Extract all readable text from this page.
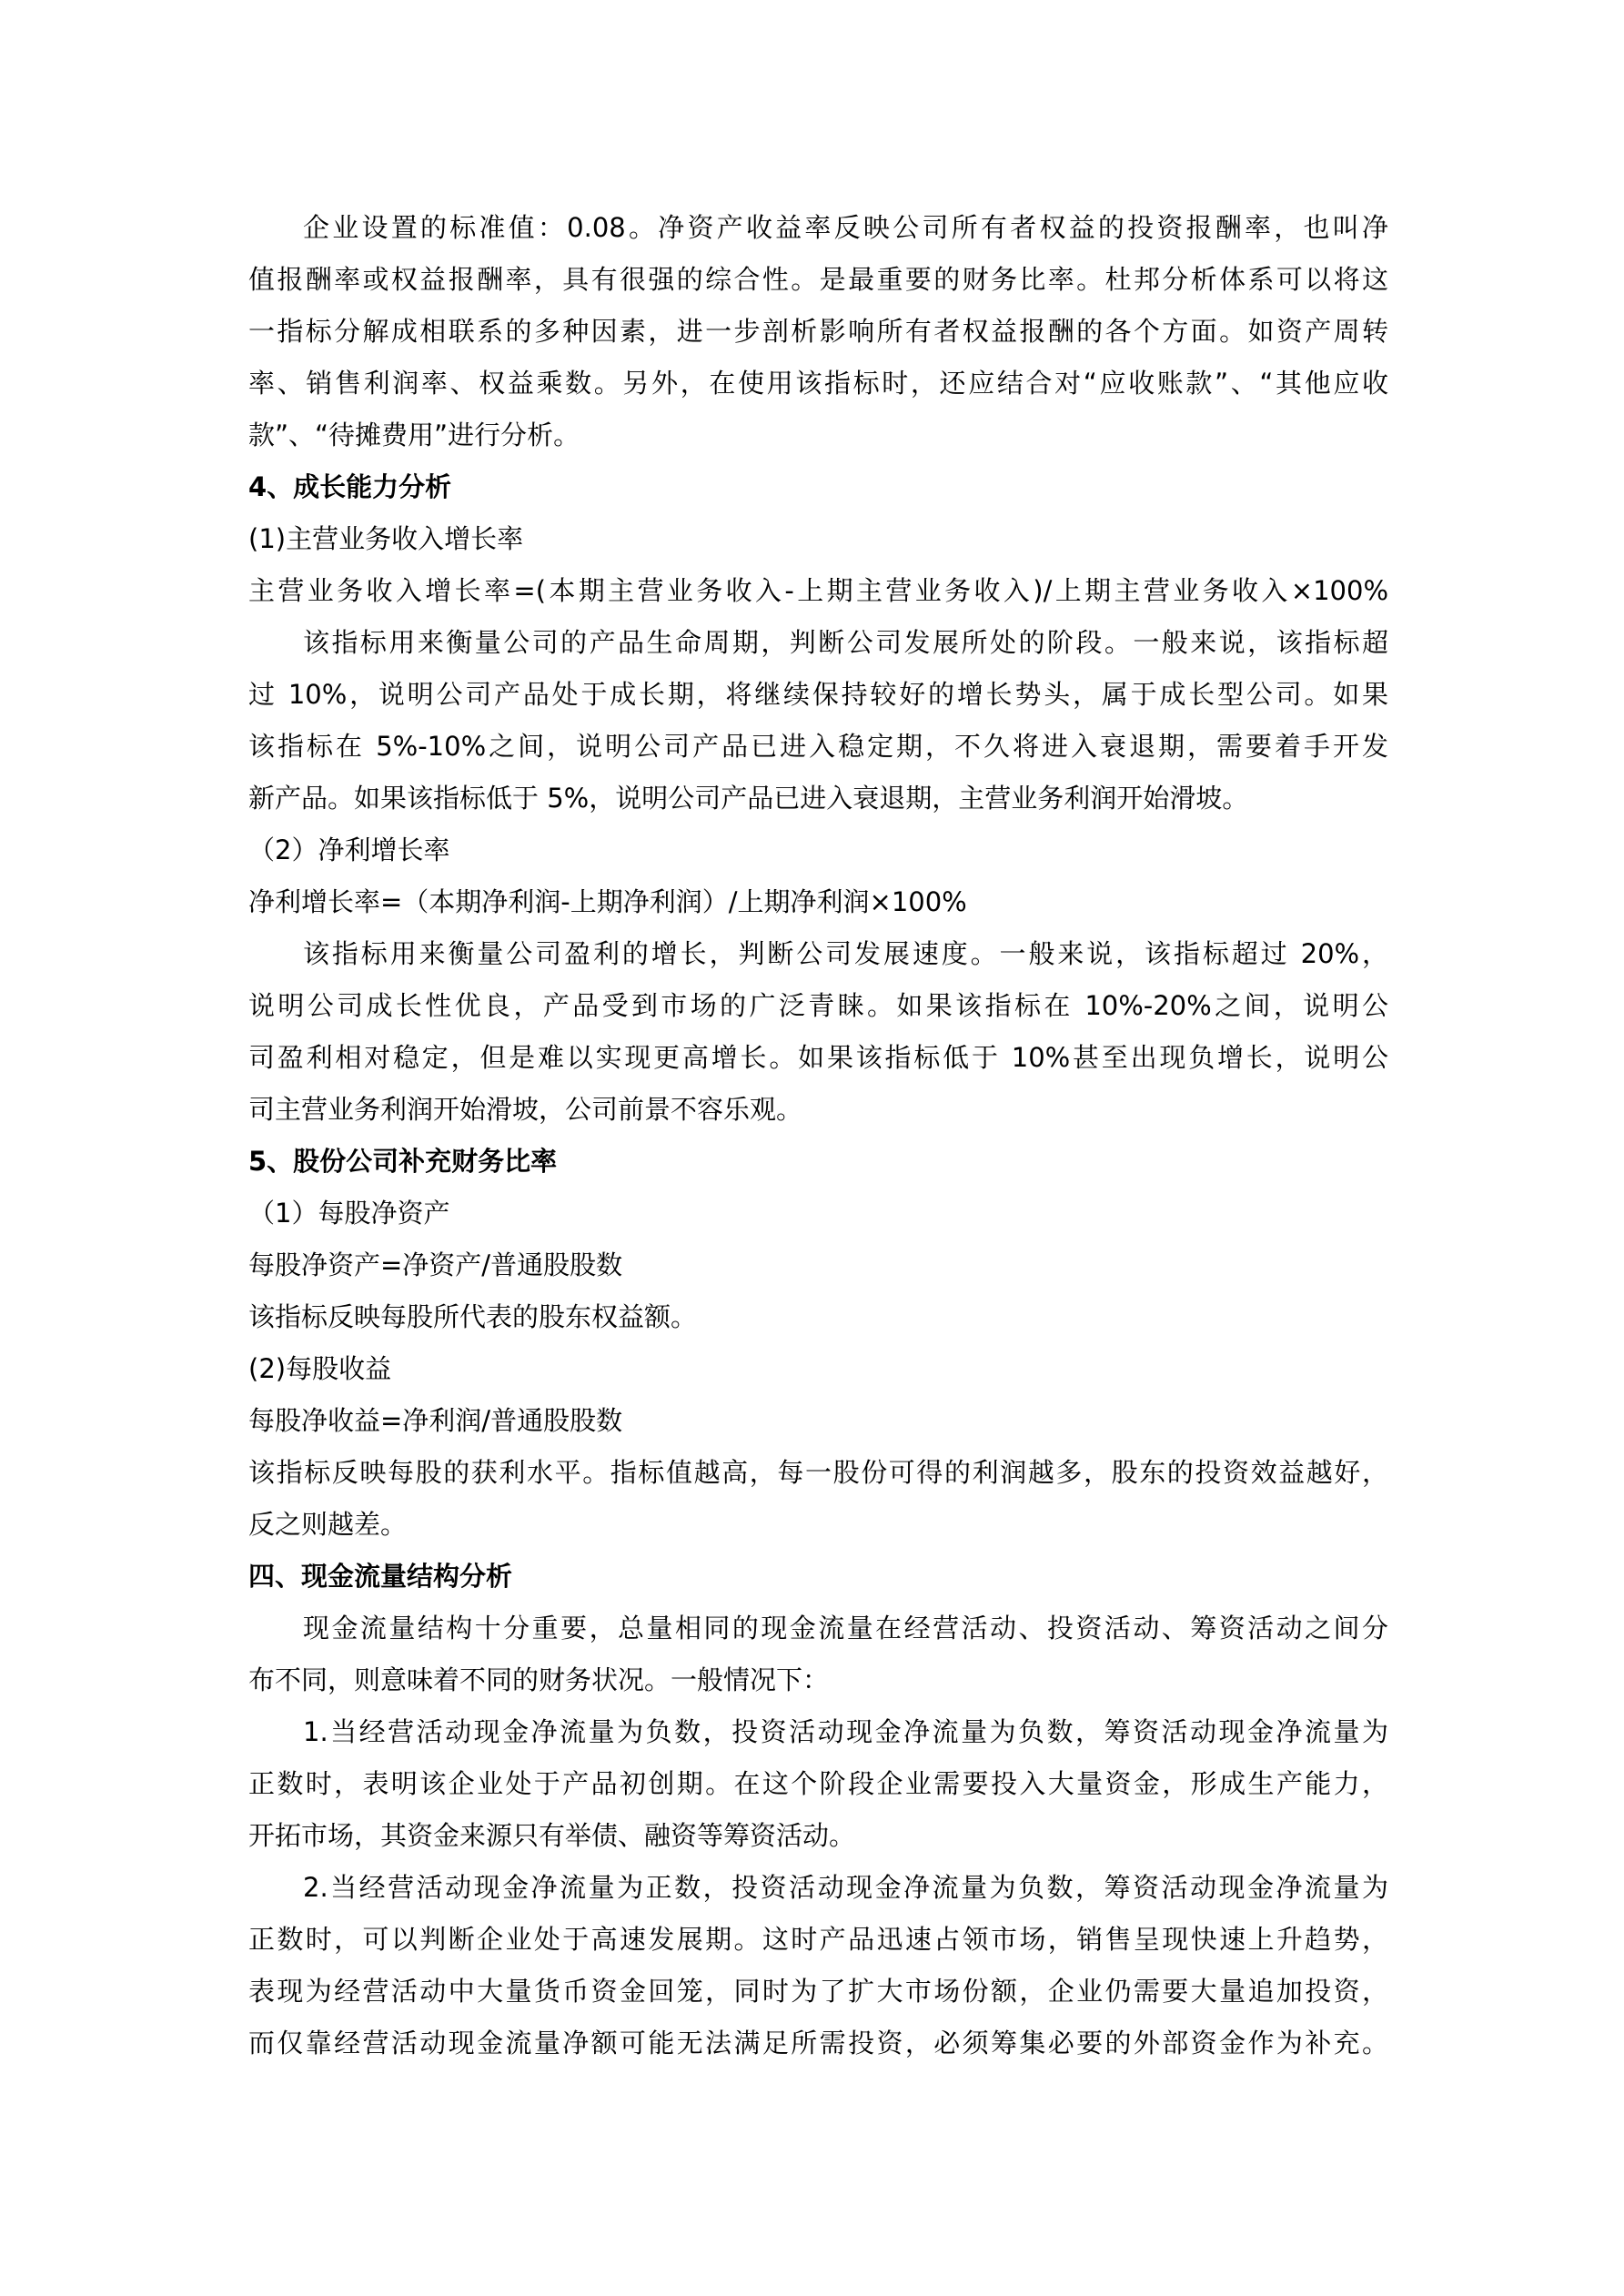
企业设置的标准值：0.08。净资产收益率反映公司所有者权益的投资报酬率，也叫净
值报酬率或权益报酬率，具有很强的综合性。是最重要的财务比率。杜邦分析体系可以将这
一指标分解成相联系的多种因素，进一步剖析影响所有者权益报酬的各个方面。如资产周转
率、销售利润率、权益乘数。另外，在使用该指标时，还应结合对“应收账款”、“其他应收
款”、“待摊费用”进行分析。
4、成长能力分析
(1)主营业务收入增长率
主营业务收入增长率=(本期主营业务收入-上期主营业务收入)/上期主营业务收入×100%
该指标用来衡量公司的产品生命周期，判断公司发展所处的阶段。一般来说，该指标超
过 10%，说明公司产品处于成长期，将继续保持较好的增长势头，属于成长型公司。如果
该指标在 5%-10%之间，说明公司产品已进入稳定期，不久将进入衰退期，需要着手开发
新产品。如果该指标低于 5%，说明公司产品已进入衰退期，主营业务利润开始滑坡。
（2）净利增长率
净利增长率=（本期净利润-上期净利润）/上期净利润×100%
该指标用来衡量公司盈利的增长，判断公司发展速度。一般来说，该指标超过 20%，
说明公司成长性优良，产品受到市场的广泛青睐。如果该指标在 10%-20%之间，说明公
司盈利相对稳定，但是难以实现更高增长。如果该指标低于 10%甚至出现负增长，说明公
司主营业务利润开始滑坡，公司前景不容乐观。
5、股份公司补充财务比率
（1）每股净资产
每股净资产=净资产/普通股股数
该指标反映每股所代表的股东权益额。
(2)每股收益
每股净收益=净利润/普通股股数
该指标反映每股的获利水平。指标值越高，每一股份可得的利润越多，股东的投资效益越好，
反之则越差。
四、现金流量结构分析
现金流量结构十分重要，总量相同的现金流量在经营活动、投资活动、筹资活动之间分
布不同，则意味着不同的财务状况。一般情况下：
1.当经营活动现金净流量为负数，投资活动现金净流量为负数，筹资活动现金净流量为
正数时，表明该企业处于产品初创期。在这个阶段企业需要投入大量资金，形成生产能力，
开拓市场，其资金来源只有举债、融资等筹资活动。
2.当经营活动现金净流量为正数，投资活动现金净流量为负数，筹资活动现金净流量为
正数时，可以判断企业处于高速发展期。这时产品迅速占领市场，销售呈现快速上升趋势，
表现为经营活动中大量货币资金回笼，同时为了扩大市场份额，企业仍需要大量追加投资，
而仅靠经营活动现金流量净额可能无法满足所需投资，必须筹集必要的外部资金作为补充。
